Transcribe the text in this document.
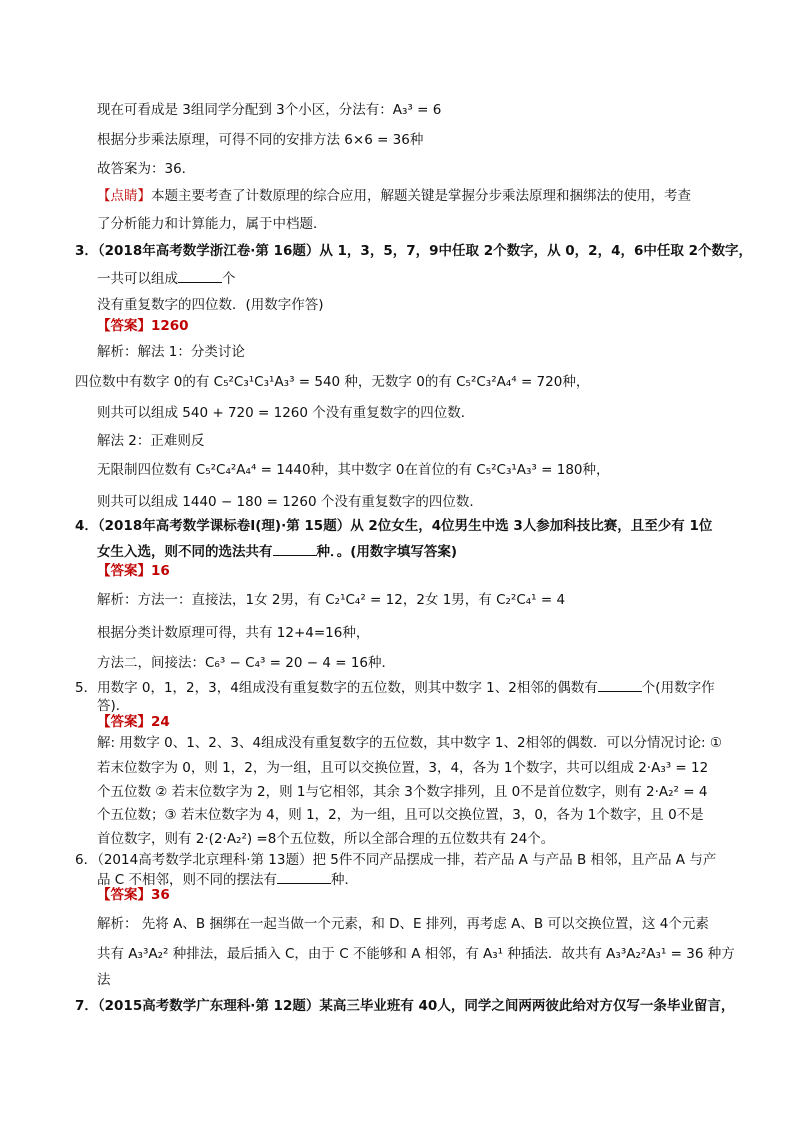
现在可看成是 3组同学分配到 3个小区，分法有：A₃³ = 6
根据分步乘法原理，可得不同的安排方法 6×6 = 36种
故答案为：36．
【点睛】本题主要考查了计数原理的综合应用，解题关键是掌握分步乘法原理和捆绑法的使用，考查
了分析能力和计算能力，属于中档题．
3．（2018年高考数学浙江卷·第 16题）从 1，3，5，7，9中任取 2个数字，从 0，2，4，6中任取 2个数字，
一共可以组成	个
没有重复数字的四位数．(用数字作答)
【答案】1260
解析：解法 1：分类讨论
四位数中有数字 0的有 C₅²C₃¹C₃¹A₃³ = 540 种，无数字 0的有 C₅²C₃²A₄⁴ = 720种，
则共可以组成 540 + 720 = 1260 个没有重复数字的四位数．
解法 2：正难则反
无限制四位数有 C₅²C₄²A₄⁴ = 1440种，其中数字 0在首位的有 C₅²C₃¹A₃³ = 180种，
则共可以组成 1440 − 180 = 1260 个没有重复数字的四位数．
4．（2018年高考数学课标卷Ⅰ(理)·第 15题）从 2位女生，4位男生中选 3人参加科技比赛，且至少有 1位
女生入选，则不同的选法共有	种．。(用数字填写答案)
【答案】16
解析：方法一：直接法，1女 2男，有 C₂¹C₄² = 12，2女 1男，有 C₂²C₄¹ = 4
根据分类计数原理可得，共有 12+4=16种，
方法二，间接法：C₆³ − C₄³ = 20 − 4 = 16种．
5．用数字 0，1，2，3，4组成没有重复数字的五位数，则其中数字 1、2相邻的偶数有	个(用数字作
答)．
【答案】24
解: 用数字 0、1、2、3、4组成没有重复数字的五位数，其中数字 1、2相邻的偶数．可以分情况讨论: ①
若末位数字为 0，则 1，2，为一组，且可以交换位置，3，4，各为 1个数字，共可以组成 2·A₃³ = 12
个五位数 ② 若末位数字为 2，则 1与它相邻，其余 3个数字排列，且 0不是首位数字，则有 2·A₂² = 4
个五位数；③ 若末位数字为 4，则 1，2，为一组，且可以交换位置，3，0，各为 1个数字，且 0不是
首位数字，则有 2·(2·A₂²) =8个五位数，所以全部合理的五位数共有 24个。
6．（2014高考数学北京理科·第 13题）把 5件不同产品摆成一排，若产品 A 与产品 B 相邻，且产品 A 与产
品 C 不相邻，则不同的摆法有	种．
【答案】36
解析： 先将 A、B 捆绑在一起当做一个元素，和 D、E 排列，再考虑 A、B 可以交换位置，这 4个元素
共有 A₃³A₂² 种排法，最后插入 C，由于 C 不能够和 A 相邻，有 A₃¹ 种插法．故共有 A₃³A₂²A₃¹ = 36 种方
法
7．（2015高考数学广东理科·第 12题）某高三毕业班有 40人，同学之间两两彼此给对方仅写一条毕业留言，
